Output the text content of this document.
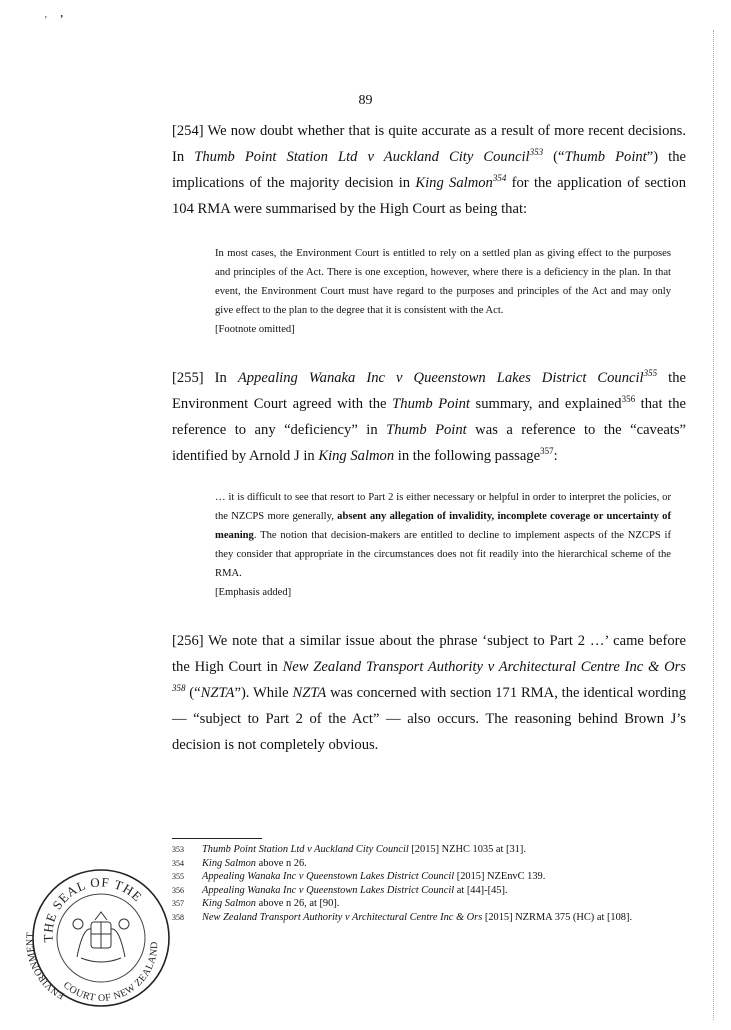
' ’
89
[254] We now doubt whether that is quite accurate as a result of more recent decisions. In Thumb Point Station Ltd v Auckland City Council$^{353}$ (“Thumb Point”) the implications of the majority decision in King Salmon$^{354}$ for the application of section 104 RMA were summarised by the High Court as being that:
In most cases, the Environment Court is entitled to rely on a settled plan as giving effect to the purposes and principles of the Act. There is one exception, however, where there is a deficiency in the plan. In that event, the Environment Court must have regard to the purposes and principles of the Act and may only give effect to the plan to the degree that it is consistent with the Act.
[Footnote omitted]
[255] In Appealing Wanaka Inc v Queenstown Lakes District Council$^{355}$ the Environment Court agreed with the Thumb Point summary, and explained$^{356}$ that the reference to any “deficiency” in Thumb Point was a reference to the “caveats” identified by Arnold J in King Salmon in the following passage$^{357}$:
… it is difficult to see that resort to Part 2 is either necessary or helpful in order to interpret the policies, or the NZCPS more generally, absent any allegation of invalidity, incomplete coverage or uncertainty of meaning. The notion that decision-makers are entitled to decline to implement aspects of the NZCPS if they consider that appropriate in the circumstances does not fit readily into the hierarchical scheme of the RMA.
[Emphasis added]
[256] We note that a similar issue about the phrase ‘subject to Part 2 …’ came before the High Court in New Zealand Transport Authority v Architectural Centre Inc & Ors $^{358}$ (“NZTA”). While NZTA was concerned with section 171 RMA, the identical wording — “subject to Part 2 of the Act” — also occurs. The reasoning behind Brown J’s decision is not completely obvious.
353	Thumb Point Station Ltd v Auckland City Council [2015] NZHC 1035 at [31].
354	King Salmon above n 26.
355	Appealing Wanaka Inc v Queenstown Lakes District Council [2015] NZEnvC 139.
356	Appealing Wanaka Inc v Queenstown Lakes District Council at [44]-[45].
357	King Salmon above n 26, at [90].
358	New Zealand Transport Authority v Architectural Centre Inc & Ors [2015] NZRMA 375 (HC) at [108].
THE SEAL OF THE
ENVIRONMENT
COURT OF NEW ZEALAND
